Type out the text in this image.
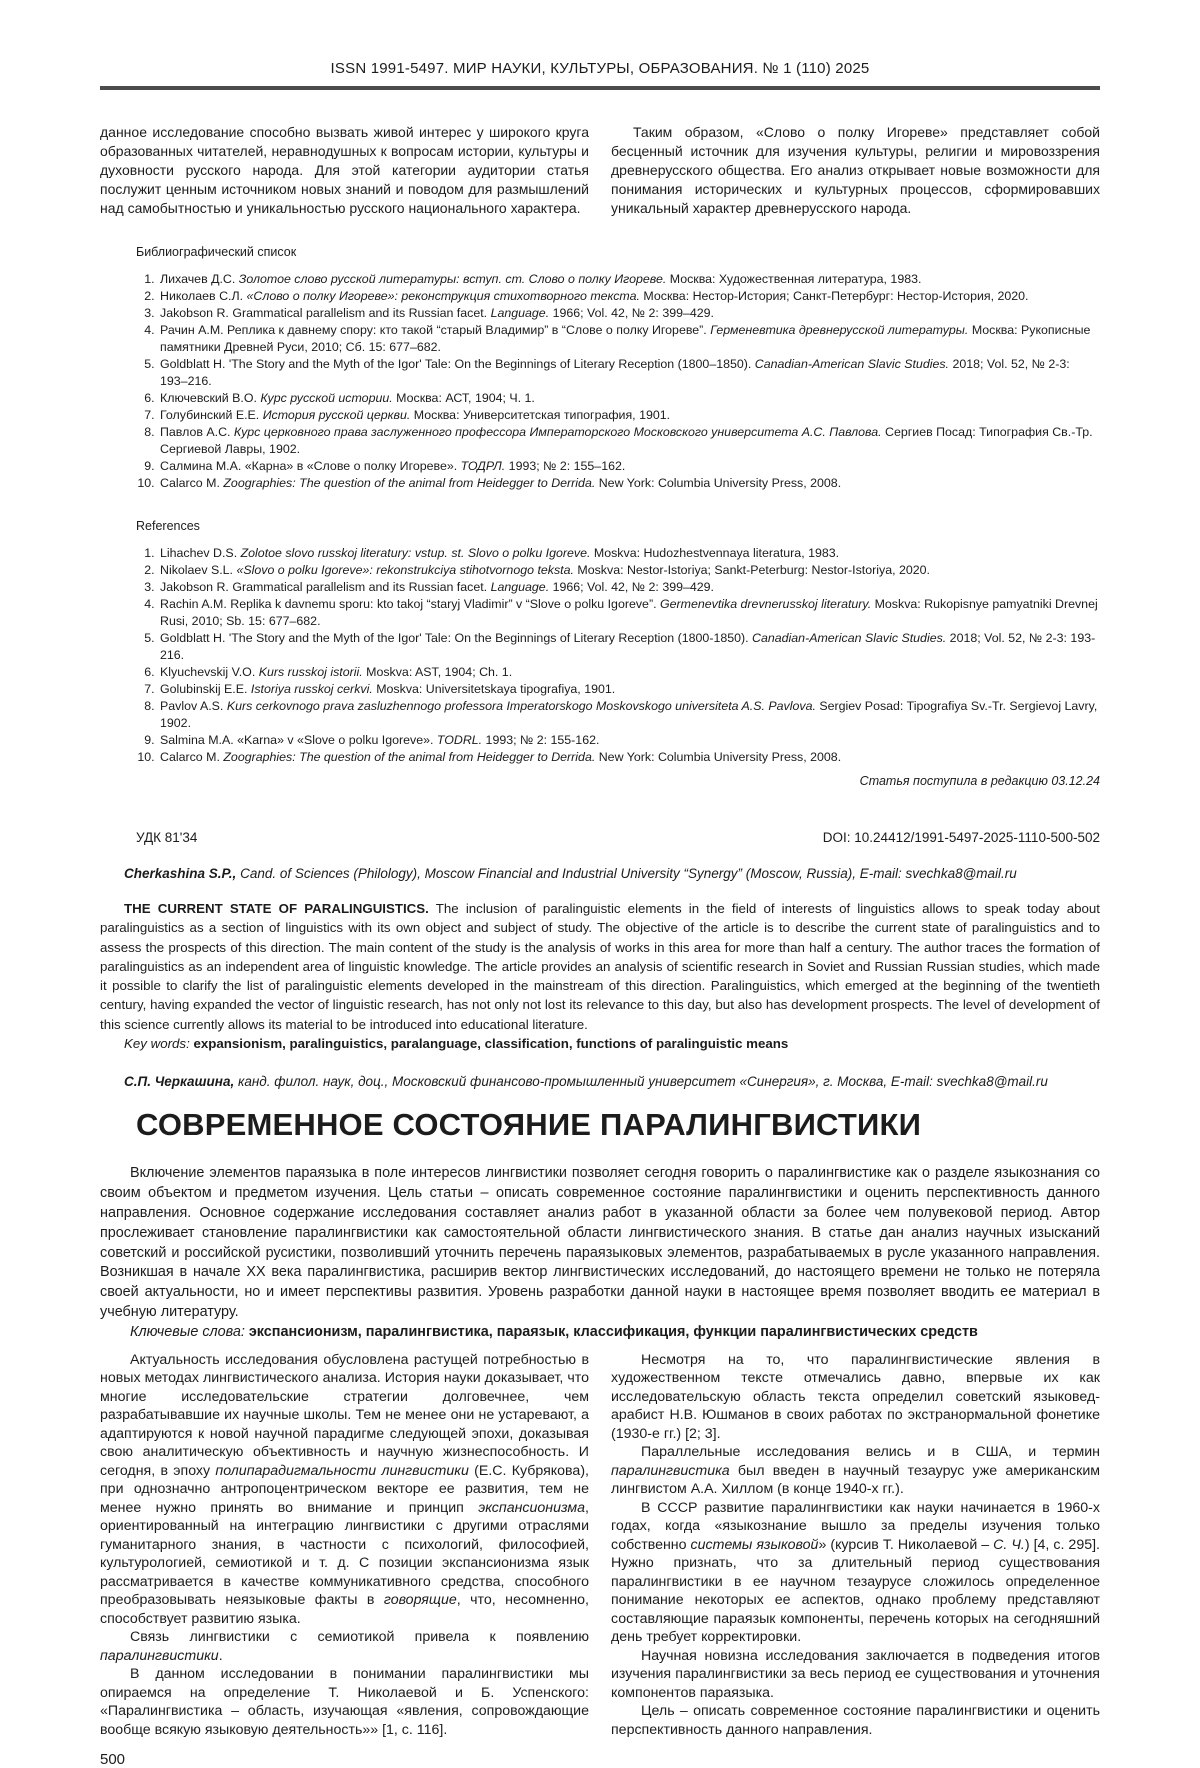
ISSN 1991-5497. МИР НАУКИ, КУЛЬТУРЫ, ОБРАЗОВАНИЯ. № 1 (110) 2025

данное исследование способно вызвать живой интерес у широкого круга образованных читателей, неравнодушных к вопросам истории, культуры и духовности русского народа. Для этой категории аудитории статья послужит ценным источником новых знаний и поводом для размышлений над самобытностью и уникальностью русского национального характера.

Таким образом, «Слово о полку Игореве» представляет собой бесценный источник для изучения культуры, религии и мировоззрения древнерусского общества. Его анализ открывает новые возможности для понимания исторических и культурных процессов, сформировавших уникальный характер древнерусского народа.

Библиографический список
1. Лихачев Д.С. Золотое слово русской литературы: вступ. ст. Слово о полку Игореве. Москва: Художественная литература, 1983.
2. Николаев С.Л. «Слово о полку Игореве»: реконструкция стихотворного текста. Москва: Нестор-История; Санкт-Петербург: Нестор-История, 2020.
3. Jakobson R. Grammatical parallelism and its Russian facet. Language. 1966; Vol. 42, № 2: 399–429.
4. Рачин А.М. Реплика к давнему спору: кто такой “старый Владимир” в “Слове о полку Игореве”. Герменевтика древнерусской литературы. Москва: Рукописные памятники Древней Руси, 2010; Сб. 15: 677–682.
5. Goldblatt H. 'The Story and the Myth of the Igor' Tale: On the Beginnings of Literary Reception (1800–1850). Canadian-American Slavic Studies. 2018; Vol. 52, № 2-3: 193–216.
6. Ключевский В.О. Курс русской истории. Москва: АСТ, 1904; Ч. 1.
7. Голубинский Е.Е. История русской церкви. Москва: Университетская типография, 1901.
8. Павлов А.С. Курс церковного права заслуженного профессора Императорского Московского университета А.С. Павлова. Сергиев Посад: Типография Св.-Тр. Сергиевой Лавры, 1902.
9. Салмина М.А. «Карна» в «Слове о полку Игореве». ТОДРЛ. 1993; № 2: 155–162.
10. Calarco M. Zoographies: The question of the animal from Heidegger to Derrida. New York: Columbia University Press, 2008.
References
1. Lihachev D.S. Zolotoe slovo russkoj literatury: vstup. st. Slovo o polku Igoreve. Moskva: Hudozhestvennaya literatura, 1983.
2. Nikolaev S.L. «Slovo o polku Igoreve»: rekonstrukciya stihotvornogo teksta. Moskva: Nestor-Istoriya; Sankt-Peterburg: Nestor-Istoriya, 2020.
3. Jakobson R. Grammatical parallelism and its Russian facet. Language. 1966; Vol. 42, № 2: 399–429.
4. Rachin A.M. Replika k davnemu sporu: kto takoj “staryj Vladimir” v “Slove o polku Igoreve”. Germenevtika drevnerusskoj literatury. Moskva: Rukopisnye pamyatniki Drevnej Rusi, 2010; Sb. 15: 677–682.
5. Goldblatt H. 'The Story and the Myth of the Igor' Tale: On the Beginnings of Literary Reception (1800-1850). Canadian-American Slavic Studies. 2018; Vol. 52, № 2-3: 193-216.
6. Klyuchevskij V.O. Kurs russkoj istorii. Moskva: AST, 1904; Ch. 1.
7. Golubinskij E.E. Istoriya russkoj cerkvi. Moskva: Universitetskaya tipografiya, 1901.
8. Pavlov A.S. Kurs cerkovnogo prava zasluzhennogo professora Imperatorskogo Moskovskogo universiteta A.S. Pavlova. Sergiev Posad: Tipografiya Sv.-Tr. Sergievoj Lavry, 1902.
9. Salmina M.A. «Karna» v «Slove o polku Igoreve». TODRL. 1993; № 2: 155-162.
10. Calarco M. Zoographies: The question of the animal from Heidegger to Derrida. New York: Columbia University Press, 2008.
Статья поступила в редакцию 03.12.24
УДК 81'34	DOI: 10.24412/1991-5497-2025-1110-500-502

Cherkashina S.P., Cand. of Sciences (Philology), Moscow Financial and Industrial University “Synergy” (Moscow, Russia), E-mail: svechka8@mail.ru

THE CURRENT STATE OF PARALINGUISTICS. The inclusion of paralinguistic elements in the field of interests of linguistics allows to speak today about paralinguistics as a section of linguistics with its own object and subject of study. The objective of the article is to describe the current state of paralinguistics and to assess the prospects of this direction. The main content of the study is the analysis of works in this area for more than half a century. The author traces the formation of paralinguistics as an independent area of linguistic knowledge. The article provides an analysis of scientific research in Soviet and Russian Russian studies, which made it possible to clarify the list of paralinguistic elements developed in the mainstream of this direction. Paralinguistics, which emerged at the beginning of the twentieth century, having expanded the vector of linguistic research, has not only not lost its relevance to this day, but also has development prospects. The level of development of this science currently allows its material to be introduced into educational literature.

Key words: expansionism, paralinguistics, paralanguage, classification, functions of paralinguistic means

С.П. Черкашина, канд. филол. наук, доц., Московский финансово-промышленный университет «Синергия», г. Москва, E-mail: svechka8@mail.ru

СОВРЕМЕННОЕ СОСТОЯНИЕ ПАРАЛИНГВИСТИКИ

Включение элементов параязыка в поле интересов лингвистики позволяет сегодня говорить о паралингвистике как о разделе языкознания со своим объектом и предметом изучения. Цель статьи – описать современное состояние паралингвистики и оценить перспективность данного направления. Основное содержание исследования составляет анализ работ в указанной области за более чем полувековой период. Автор прослеживает становление паралингвистики как самостоятельной области лингвистического знания. В статье дан анализ научных изысканий советский и российской русистики, позволивший уточнить перечень параязыковых элементов, разрабатываемых в русле указанного направления. Возникшая в начале XX века паралингвистика, расширив вектор лингвистических исследований, до настоящего времени не только не потеряла своей актуальности, но и имеет перспективы развития. Уровень разработки данной науки в настоящее время позволяет вводить ее материал в учебную литературу.

Ключевые слова: экспансионизм, паралингвистика, параязык, классификация, функции паралингвистических средств

Актуальность исследования обусловлена растущей потребностью в новых методах лингвистического анализа. История науки доказывает, что многие исследовательские стратегии долговечнее, чем разрабатывавшие их научные школы. Тем не менее они не устаревают, а адаптируются к новой научной парадигме следующей эпохи, доказывая свою аналитическую объективность и научную жизнеспособность. И сегодня, в эпоху полипарадигмальности лингвистики (Е.С. Кубрякова), при однозначно антропоцентрическом векторе ее развития, тем не менее нужно принять во внимание и принцип экспансионизма, ориентированный на интеграцию лингвистики с другими отраслями гуманитарного знания, в частности с психологий, философией, культурологией, семиотикой и т. д. С позиции экспансионизма язык рассматривается в качестве коммуникативного средства, способного преобразовывать неязыковые факты в говорящие, что, несомненно, способствует развитию языка.

Связь лингвистики с семиотикой привела к появлению паралингвистики.

В данном исследовании в понимании паралингвистики мы опираемся на определение Т. Николаевой и Б. Успенского: «Паралингвистика – область, изучающая «явления, сопровождающие вообще всякую языковую деятельность»» [1, с. 116].

Несмотря на то, что паралингвистические явления в художественном тексте отмечались давно, впервые их как исследовательскую область текста определил советский языковед-арабист Н.В. Юшманов в своих работах по экстранормальной фонетике (1930-е гг.) [2; 3].

Параллельные исследования велись и в США, и термин паралингвистика был введен в научный тезаурус уже американским лингвистом А.А. Хиллом (в конце 1940-х гг.).

В СССР развитие паралингвистики как науки начинается в 1960-х годах, когда «языкознание вышло за пределы изучения только собственно системы языковой» (курсив Т. Николаевой – С. Ч.) [4, с. 295]. Нужно признать, что за длительный период существования паралингвистики в ее научном тезаурусе сложилось определенное понимание некоторых ее аспектов, однако проблему представляют составляющие параязык компоненты, перечень которых на сегодняшний день требует корректировки.

Научная новизна исследования заключается в подведения итогов изучения паралингвистики за весь период ее существования и уточнения компонентов параязыка.

Цель – описать современное состояние паралингвистики и оценить перспективность данного направления.

500
